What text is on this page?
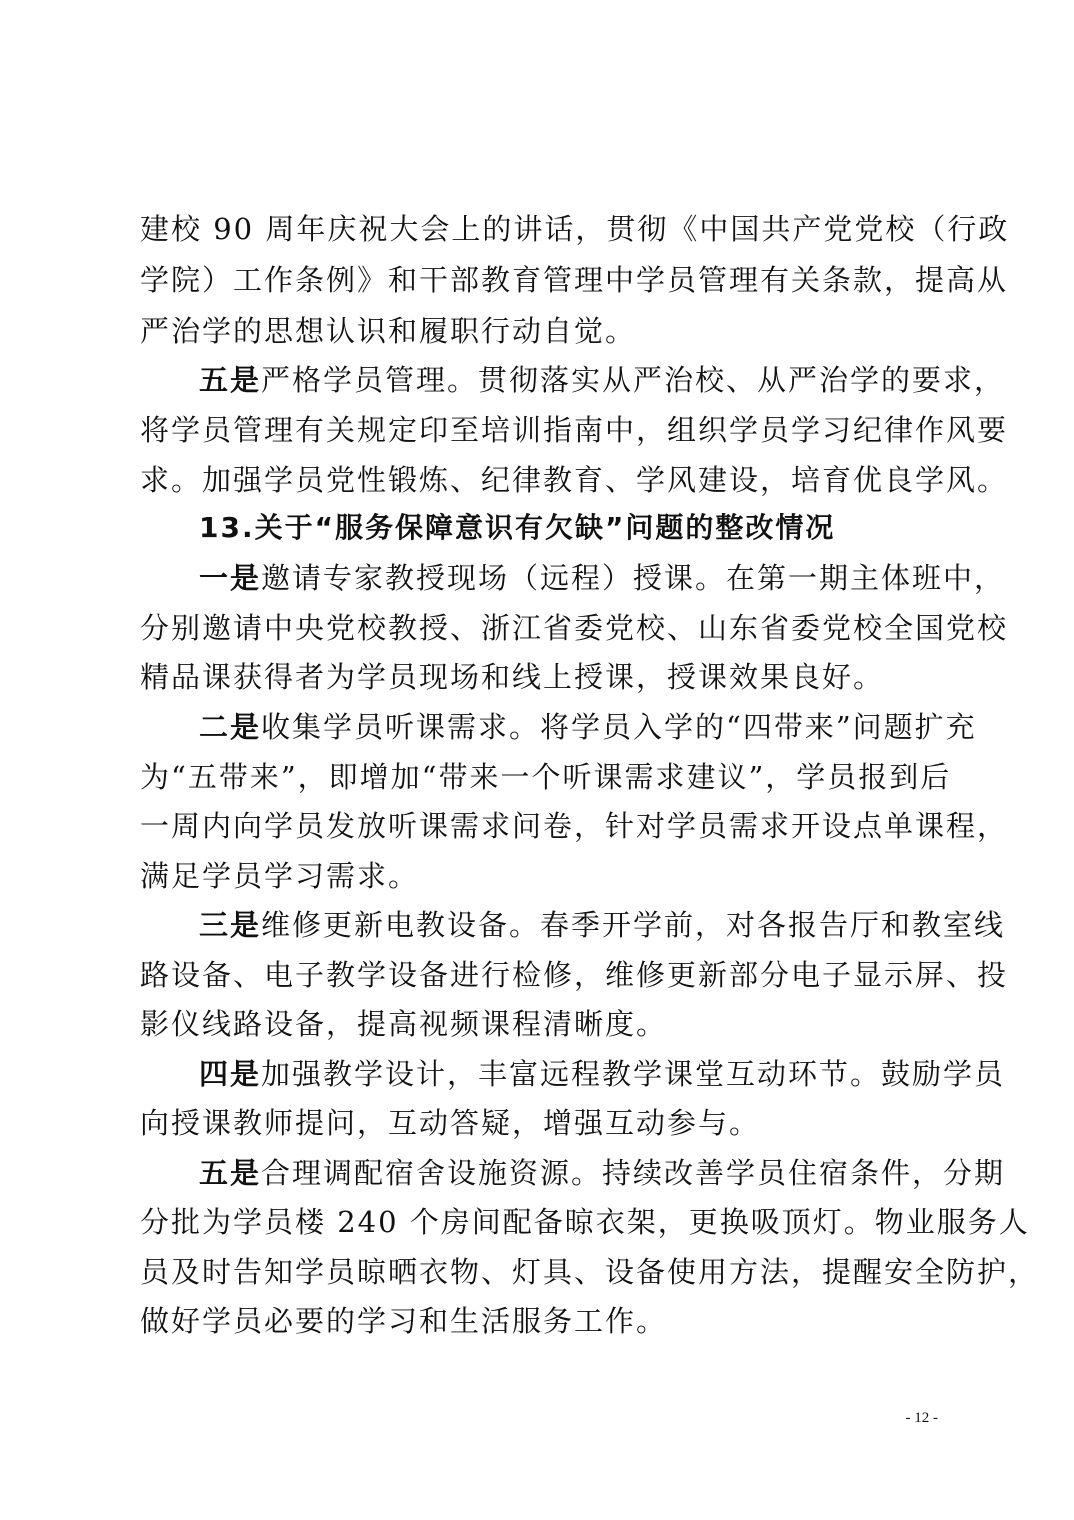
建校 90 周年庆祝大会上的讲话，贯彻《中国共产党党校（行政
学院）工作条例》和干部教育管理中学员管理有关条款，提高从
严治学的思想认识和履职行动自觉。
五是严格学员管理。贯彻落实从严治校、从严治学的要求，
将学员管理有关规定印至培训指南中，组织学员学习纪律作风要
求。加强学员党性锻炼、纪律教育、学风建设，培育优良学风。
13.关于“服务保障意识有欠缺”问题的整改情况
一是邀请专家教授现场（远程）授课。在第一期主体班中，
分别邀请中央党校教授、浙江省委党校、山东省委党校全国党校
精品课获得者为学员现场和线上授课，授课效果良好。
二是收集学员听课需求。将学员入学的“四带来”问题扩充
为“五带来”，即增加“带来一个听课需求建议”，学员报到后
一周内向学员发放听课需求问卷，针对学员需求开设点单课程，
满足学员学习需求。
三是维修更新电教设备。春季开学前，对各报告厅和教室线
路设备、电子教学设备进行检修，维修更新部分电子显示屏、投
影仪线路设备，提高视频课程清晰度。
四是加强教学设计，丰富远程教学课堂互动环节。鼓励学员
向授课教师提问，互动答疑，增强互动参与。
五是合理调配宿舍设施资源。持续改善学员住宿条件，分期
分批为学员楼 240 个房间配备晾衣架，更换吸顶灯。物业服务人
员及时告知学员晾晒衣物、灯具、设备使用方法，提醒安全防护，
做好学员必要的学习和生活服务工作。
- 12 -
